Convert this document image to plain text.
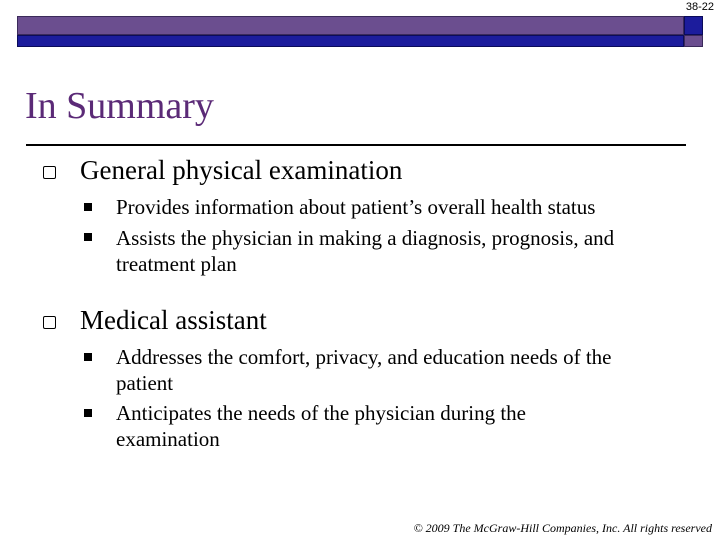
38-22
In Summary
General physical examination
Provides information about patient’s overall health status
Assists the physician in making a diagnosis, prognosis, and treatment plan
Medical assistant
Addresses the comfort, privacy, and education needs of the patient
Anticipates the needs of the physician during the examination
© 2009 The McGraw-Hill Companies, Inc. All rights reserved
